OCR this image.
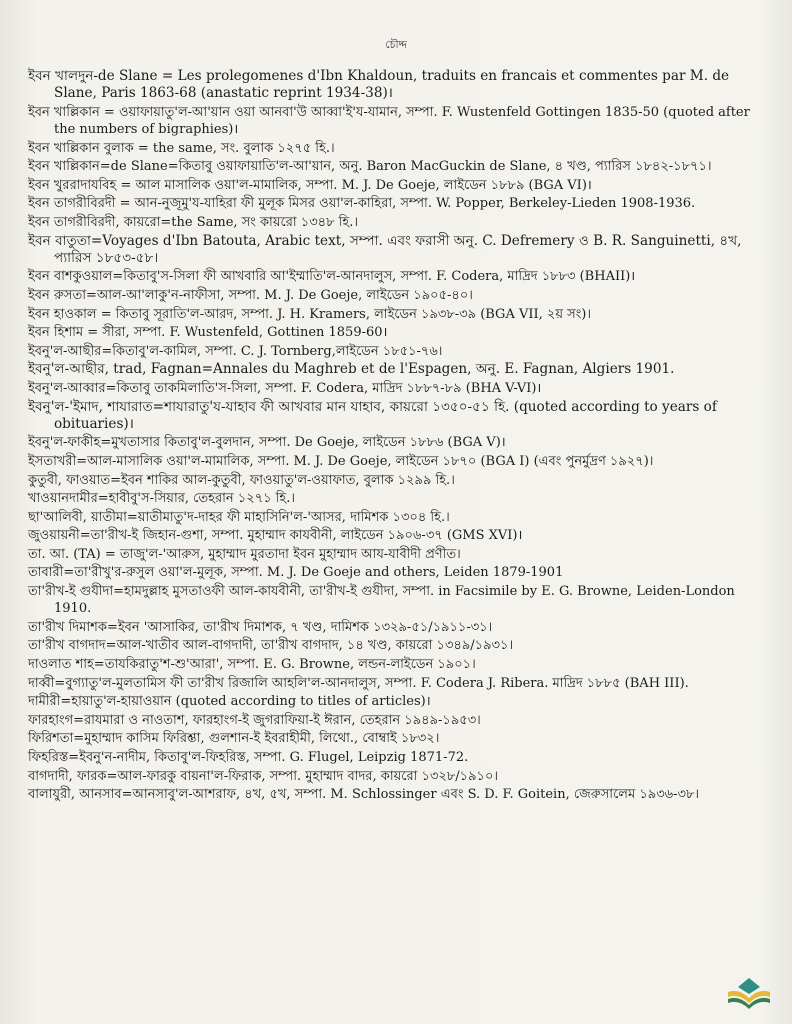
চৌদ্দ
ইবন খালদুন-de Slane = Les prolegomenes d'Ibn Khaldoun, traduits en francais et commentes par M. de Slane, Paris 1863-68 (anastatic reprint 1934-38)।
ইবন খাল্লিকান = ওয়াফায়াতু'ল-আ'য়ান ওয়া আনবা'উ আব্বা'ই'য-যামান, সম্পা. F. Wustenfeld Gottingen 1835-50 (quoted after the numbers of bigraphies)।
ইবন খাল্লিকান বুলাক = the same, সং. বুলাক ১২৭৫ হি.।
ইবন খাল্লিকান=de Slane=কিতাবু ওয়াফায়াতি'ল-আ'য়ান, অনু. Baron MacGuckin de Slane, ৪ খণ্ড, প্যারিস ১৮৪২-১৮৭১।
ইবন খুররাদাযবিহ = আল মাসালিক ওয়া'ল-মামালিক, সম্পা. M. J. De Goeje, লাইডেন ১৮৮৯ (BGA VI)।
ইবন তাগরীবিরদী = আন-নুজূমু'য-যাহিরা ফী মুলূক মিসর ওয়া'ল-কাহিরা, সম্পা. W. Popper, Berkeley-Lieden 1908-1936.
ইবন তাগরীবিরদী, কায়রো=the Same, সং কায়রো ১৩৪৮ হি.।
ইবন বাতুতা=Voyages d'Ibn Batouta, Arabic text, সম্পা. এবং ফরাসী অনু. C. Defremery ও B. R. Sanguinetti, ৪খ, প্যারিস ১৮৫৩-৫৮।
ইবন বাশকুওয়াল=কিতাবু'স-সিলা ফী আখবারি আ'ইম্মাতি'ল-আনদালুস, সম্পা. F. Codera, মাদ্রিদ ১৮৮৩ (BHAII)।
ইবন রুসতা=আল-আ'লাকু'ন-নাফীসা, সম্পা. M. J. De Goeje, লাইডেন ১৯০৫-৪০।
ইবন হাওকাল = কিতাবু সূরাতি'ল-আরদ, সম্পা. J. H. Kramers, লাইডেন ১৯৩৮-৩৯ (BGA VII, ২য় সং)।
ইবন হিশাম = সীরা, সম্পা. F. Wustenfeld, Gottinen 1859-60।
ইবনু'ল-আছীর=কিতাবু'ল-কামিল, সম্পা. C. J. Tornberg,লাইডেন ১৮৫১-৭৬।
ইবনু'ল-আছীর, trad, Fagnan=Annales du Maghreb et de l'Espagen, অনু. E. Fagnan, Algiers 1901.
ইবনু'ল-আব্বার=কিতাবু তাকমিলাতি'স-সিলা, সম্পা. F. Codera, মাদ্রিদ ১৮৮৭-৮৯ (BHA V-VI)।
ইবনু'ল-'ইমাদ, শাযারাত=শাযারাতু'য-যাহাব ফী আখবার মান যাহাব, কায়রো ১৩৫০-৫১ হি. (quoted according to years of obituaries)।
ইবনু'ল-ফাকীহ=মুখতাসার কিতাবু'ল-বুলদান, সম্পা. De Goeje, লাইডেন ১৮৮৬ (BGA V)।
ইসতাখরী=আল-মাসালিক ওয়া'ল-মামালিক, সম্পা. M. J. De Goeje, লাইডেন ১৮৭০ (BGA I) (এবং পুনর্মুদ্রণ ১৯২৭)।
কুতুবী, ফাওয়াত=ইবন শাকির আল-কুতুবী, ফাওয়াতু'ল-ওয়াফাত, বুলাক ১২৯৯ হি.।
খাওয়ানদামীর=হাবীবু'স-সিয়ার, তেহরান ১২৭১ হি.।
ছা'আলিবী, য়াতীমা=য়াতীমাতু'দ-দাহর ফী মাহাসিনি'ল-'আসর, দামিশক ১৩০৪ হি.।
জুওয়ায়নী=তা'রীখ-ই জিহান-গুশা, সম্পা. মুহাম্মাদ কাযবীনী, লাইডেন ১৯০৬-৩৭ (GMS XVI)।
তা. আ. (TA) = তাজু'ল-'আরুস, মুহাম্মাদ মুরতাদা ইবন মুহাম্মাদ আয-যাবীদী প্রণীত।
তাবারী=তা'রীখু'র-রুসুল ওয়া'ল-মুলূক, সম্পা. M. J. De Goeje and others, Leiden 1879-1901
তা'রীখ-ই গুযীদা=হামদুল্লাহ মুসতাওফী আল-কাযবীনী, তা'রীখ-ই গুযীদা, সম্পা. in Facsimile by E. G. Browne, Leiden-London 1910.
তা'রীখ দিমাশক=ইবন 'আসাকির, তা'রীখ দিমাশক, ৭ খণ্ড, দামিশক ১৩২৯-৫১/১৯১১-৩১।
তা'রীখ বাগদাদ=আল-খাতীব আল-বাগদাদী, তা'রীখ বাগদাদ, ১৪ খণ্ড, কায়রো ১৩৪৯/১৯৩১।
দাওলাত শাহ=তাযকিরাতু'শ-শু'আরা', সম্পা. E. G. Browne, লন্ডন-লাইডেন ১৯০১।
দাব্বী=বুগ্যাতু'ল-মুলতামিস ফী তা'রীখ রিজালি আহলি'ল-আনদালুস, সম্পা. F. Codera J. Ribera. মাদ্রিদ ১৮৮৫ (BAH III).
দামীরী=হায়াতু'ল-হায়াওয়ান (quoted according to titles of articles)।
ফারহাংগ=রাযমারা ও নাওতাশ, ফারহাংগ-ই জুগরাফিয়া-ই ঈরান, তেহরান ১৯৪৯-১৯৫৩।
ফিরিশতা=মুহাম্মাদ কাসিম ফিরিশ্তা, গুলশান-ই ইবরাহীমী, লিথো., বোম্বাই ১৮৩২।
ফিহরিস্ত=ইবনু'ন-নাদীম, কিতাবু'ল-ফিহরিস্ত, সম্পা. G. Flugel, Leipzig 1871-72.
বাগদাদী, ফারক=আল-ফারকু বায়না'ল-ফিরাক, সম্পা. মুহাম্মাদ বাদর, কায়রো ১৩২৮/১৯১০।
বালাযুরী, আনসাব=আনসাবু'ল-আশরাফ, ৪খ, ৫খ, সম্পা. M. Schlossinger এবং S. D. F. Goitein, জেরুসালেম ১৯৩৬-৩৮।
